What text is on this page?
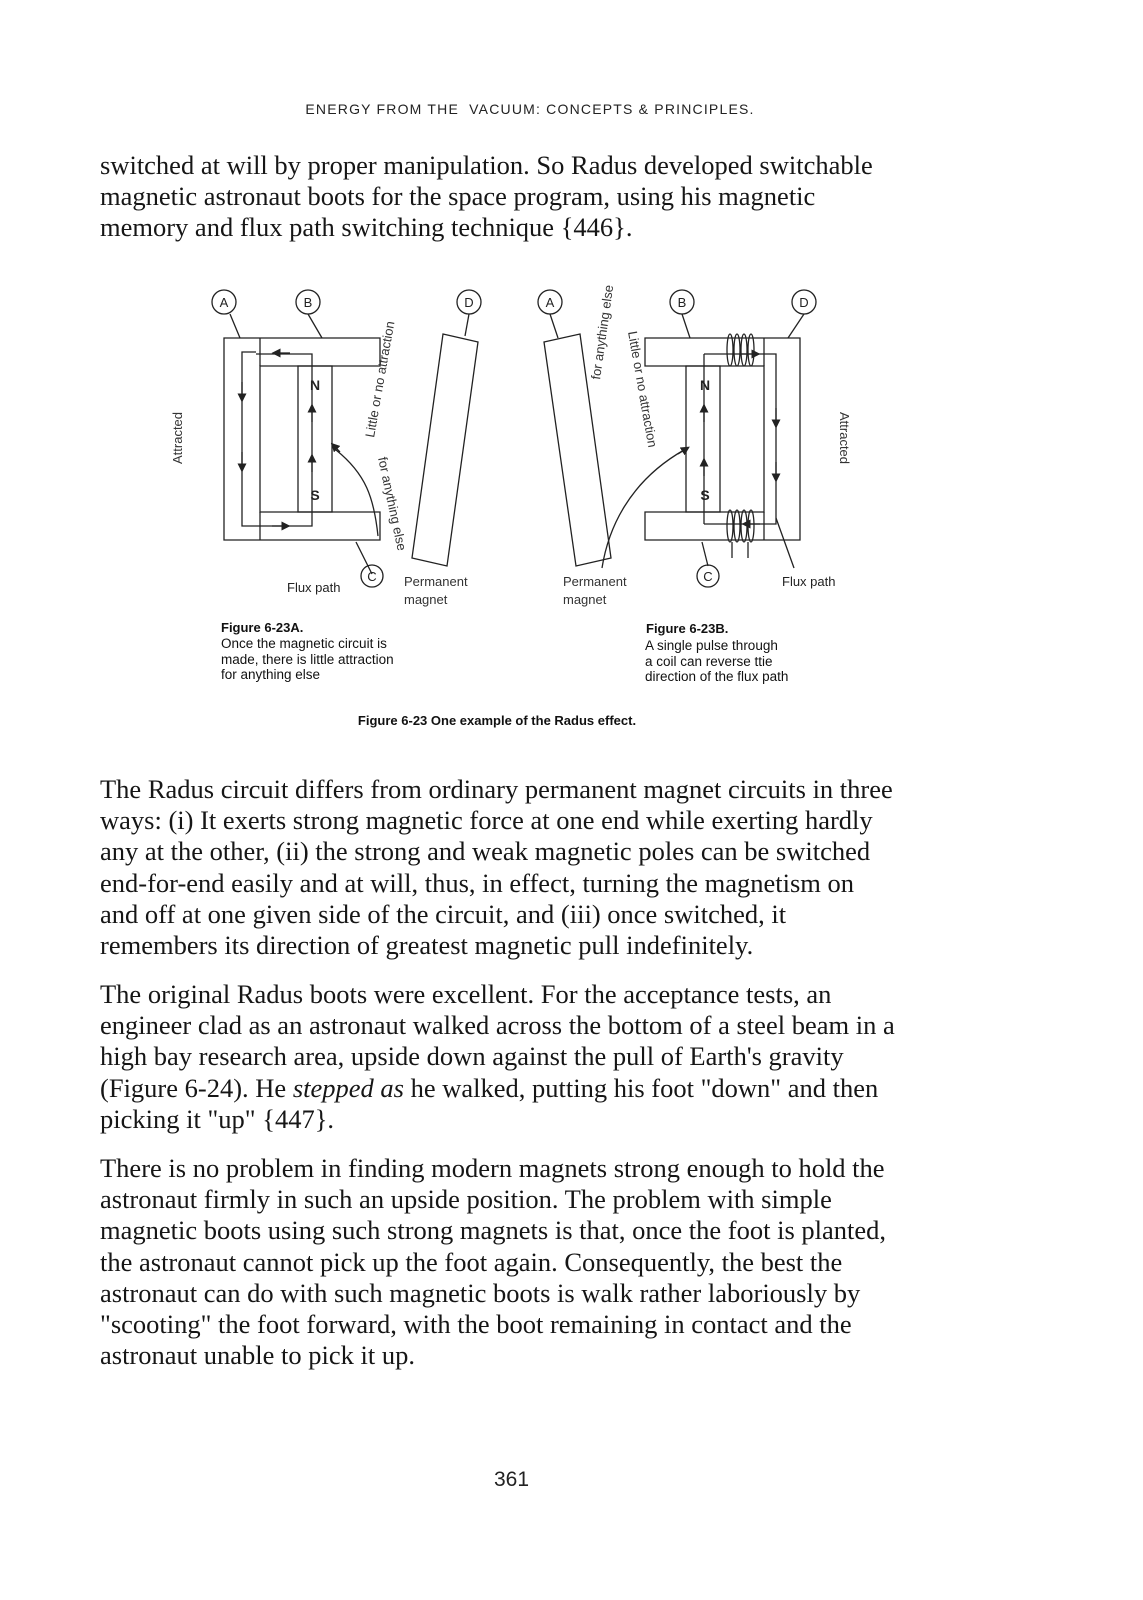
ENERGY FROM THE  VACUUM: CONCEPTS & PRINCIPLES.
switched at will by proper manipulation. So Radus developed switchable
magnetic astronaut boots for the space program, using his magnetic
memory and flux path switching technique {446}.
A	B
C
D
N
S
Attracted	Little or no attraction
for anything else
Flux path	Permanent
magnet
Figure 6-23A.
Once the magnetic circuit is
made, there is little attraction
for anything else
A	B
C
D
N
S
Attracted
for anything else Little or no attraction
Flux path
Permanent
magnet
Figure 6-23B.
A single pulse through
a coil can reverse ttie
direction of the flux path
Figure 6-23 One example of the Radus effect.
The Radus circuit differs from ordinary permanent magnet circuits in three
ways: (i) It exerts strong magnetic force at one end while exerting hardly
any at the other, (ii) the strong and weak magnetic poles can be switched
end-for-end easily and at will, thus, in effect, turning the magnetism on
and off at one given side of the circuit, and (iii) once switched, it
remembers its direction of greatest magnetic pull indefinitely.
The original Radus boots were excellent. For the acceptance tests, an
engineer clad as an astronaut walked across the bottom of a steel beam in a
high bay research area, upside down against the pull of Earth's gravity
(Figure 6-24). He stepped as he walked, putting his foot "down" and then
picking it "up" {447}.
There is no problem in finding modern magnets strong enough to hold the
astronaut firmly in such an upside position. The problem with simple
magnetic boots using such strong magnets is that, once the foot is planted,
the astronaut cannot pick up the foot again. Consequently, the best the
astronaut can do with such magnetic boots is walk rather laboriously by
"scooting" the foot forward, with the boot remaining in contact and the
astronaut unable to pick it up.
361
